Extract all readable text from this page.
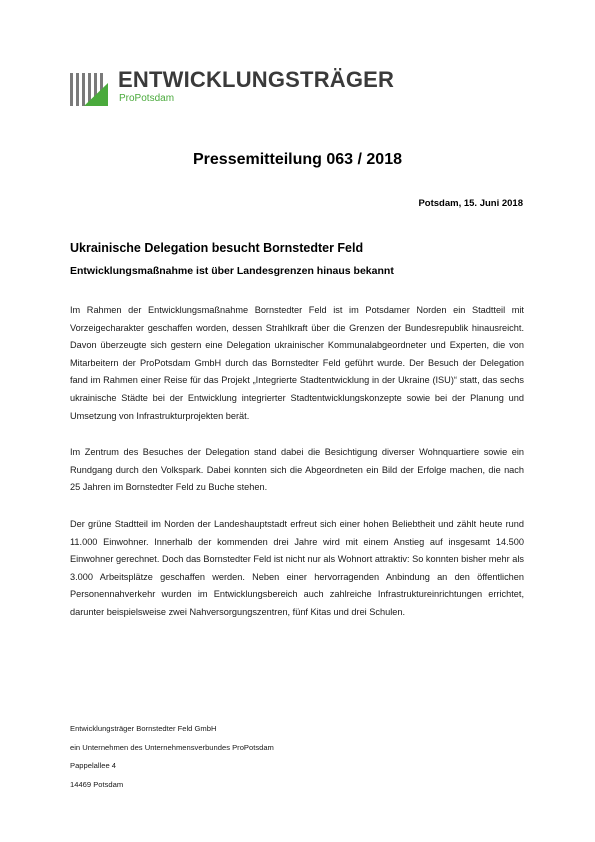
ENTWICKLUNGSTRÄGER
ProPotsdam
Pressemitteilung 063 / 2018
Potsdam, 15. Juni 2018
Ukrainische Delegation besucht Bornstedter Feld
Entwicklungsmaßnahme ist über Landesgrenzen hinaus bekannt

Im Rahmen der Entwicklungsmaßnahme Bornstedter Feld ist im Potsdamer Norden ein Stadtteil mit Vorzeigecharakter geschaffen worden, dessen Strahlkraft über die Grenzen der Bundesrepublik hinausreicht. Davon überzeugte sich gestern eine Delegation ukrainischer Kommunalabgeordneter und Experten, die von Mitarbeitern der ProPotsdam GmbH durch das Bornstedter Feld geführt wurde. Der Besuch der Delegation fand im Rahmen einer Reise für das Projekt „Integrierte Stadtentwicklung in der Ukraine (ISU)“ statt, das sechs ukrainische Städte bei der Entwicklung integrierter Stadtentwicklungskonzepte sowie bei der Planung und Umsetzung von Infrastrukturprojekten berät.

Im Zentrum des Besuches der Delegation stand dabei die Besichtigung diverser Wohnquartiere sowie ein Rundgang durch den Volkspark. Dabei konnten sich die Abgeordneten ein Bild der Erfolge machen, die nach 25 Jahren im Bornstedter Feld zu Buche stehen.

Der grüne Stadtteil im Norden der Landeshauptstadt erfreut sich einer hohen Beliebtheit und zählt heute rund 11.000 Einwohner. Innerhalb der kommenden drei Jahre wird mit einem Anstieg auf insgesamt 14.500 Einwohner gerechnet. Doch das Bornstedter Feld ist nicht nur als Wohnort attraktiv: So konnten bisher mehr als 3.000 Arbeitsplätze geschaffen werden. Neben einer hervorragenden Anbindung an den öffentlichen Personennahverkehr wurden im Entwicklungsbereich auch zahlreiche Infrastruktureinrichtungen errichtet, darunter beispielsweise zwei Nahversorgungszentren, fünf Kitas und drei Schulen.

Entwicklungsträger Bornstedter Feld GmbH
ein Unternehmen des Unternehmensverbundes ProPotsdam
Pappelallee 4
14469 Potsdam
